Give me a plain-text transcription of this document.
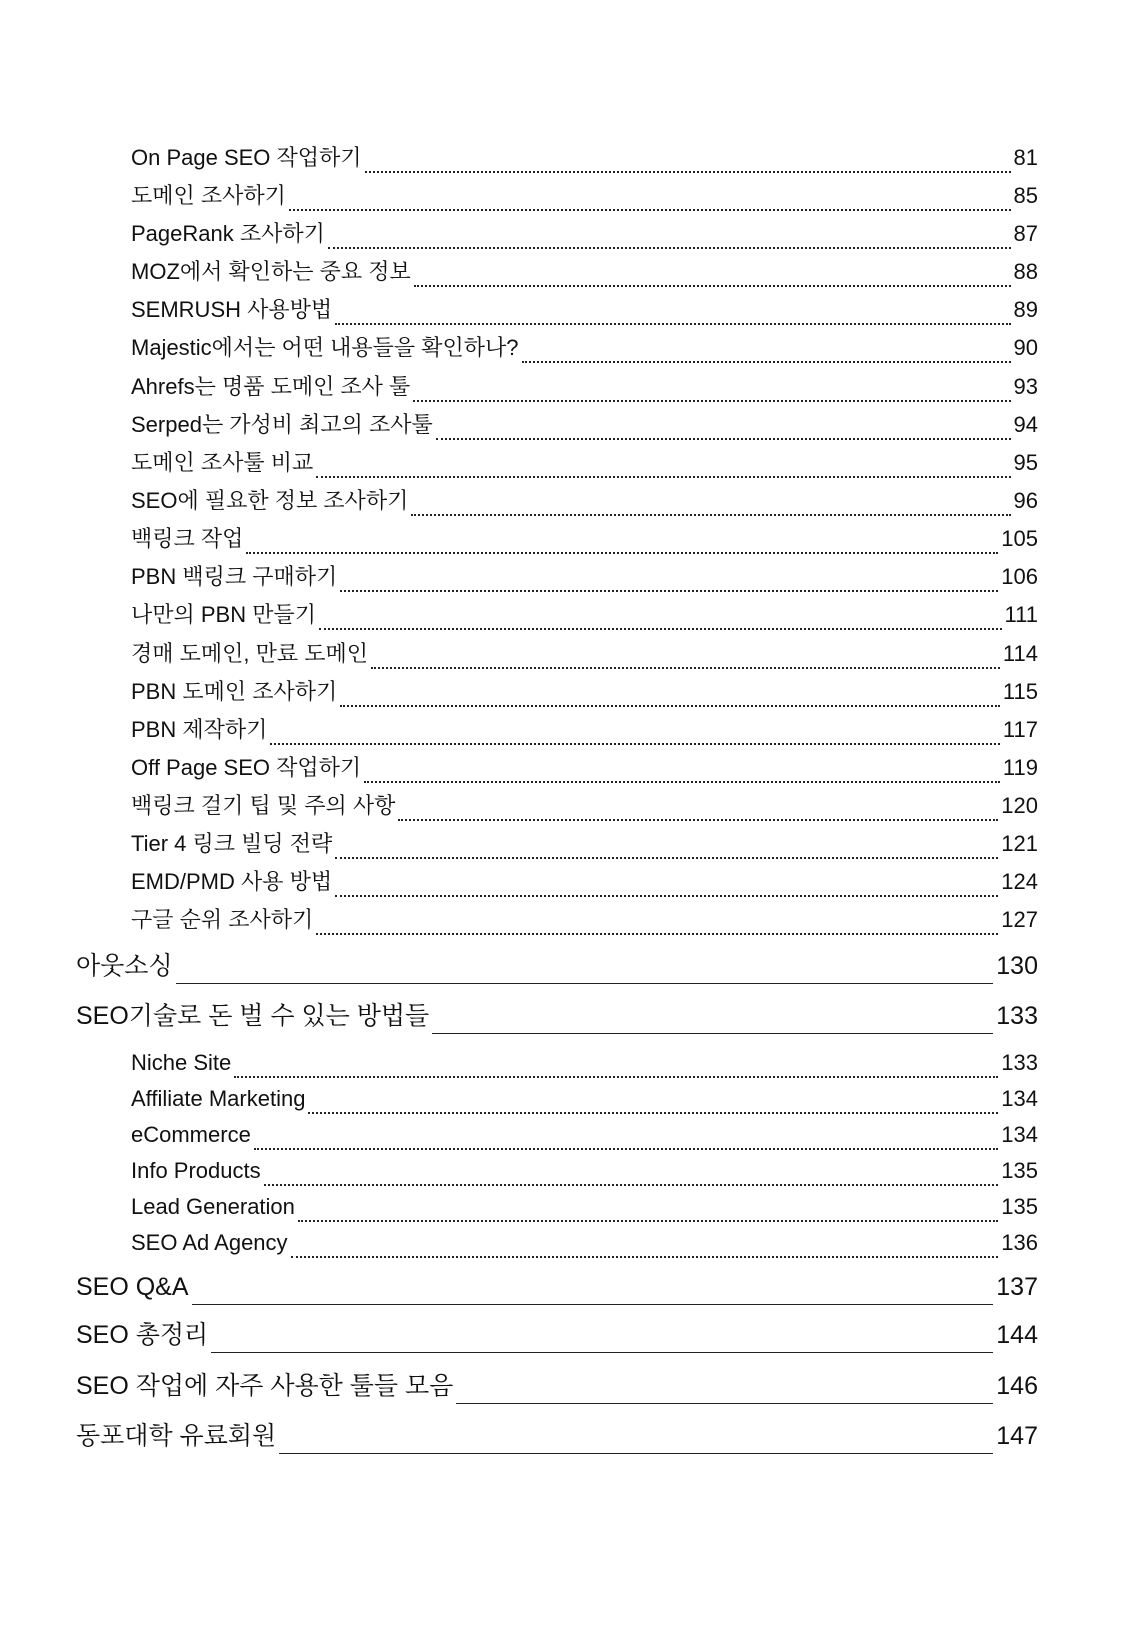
On Page SEO 작업하기	81
도메인 조사하기	85
PageRank 조사하기	87
MOZ에서 확인하는 중요 정보	88
SEMRUSH 사용방법	89
Majestic에서는 어떤 내용들을 확인하나?	90
Ahrefs는 명품 도메인 조사 툴	93
Serped는 가성비 최고의 조사툴	94
도메인 조사툴 비교	95
SEO에 필요한 정보 조사하기	96
백링크 작업	105
PBN 백링크 구매하기	106
나만의 PBN 만들기	111
경매 도메인, 만료 도메인	114
PBN 도메인 조사하기	115
PBN 제작하기	117
Off Page SEO 작업하기	119
백링크 걸기 팁 및 주의 사항	120
Tier 4 링크 빌딩 전략	121
EMD/PMD 사용 방법	124
구글 순위 조사하기	127
아웃소싱	130
SEO기술로 돈 벌 수 있는 방법들	133
Niche Site	133
Affiliate Marketing	134
eCommerce	134
Info Products	135
Lead Generation	135
SEO Ad Agency	136
SEO Q&A	137
SEO 총정리	144
SEO 작업에 자주 사용한 툴들 모음	146
동포대학 유료회원	147
